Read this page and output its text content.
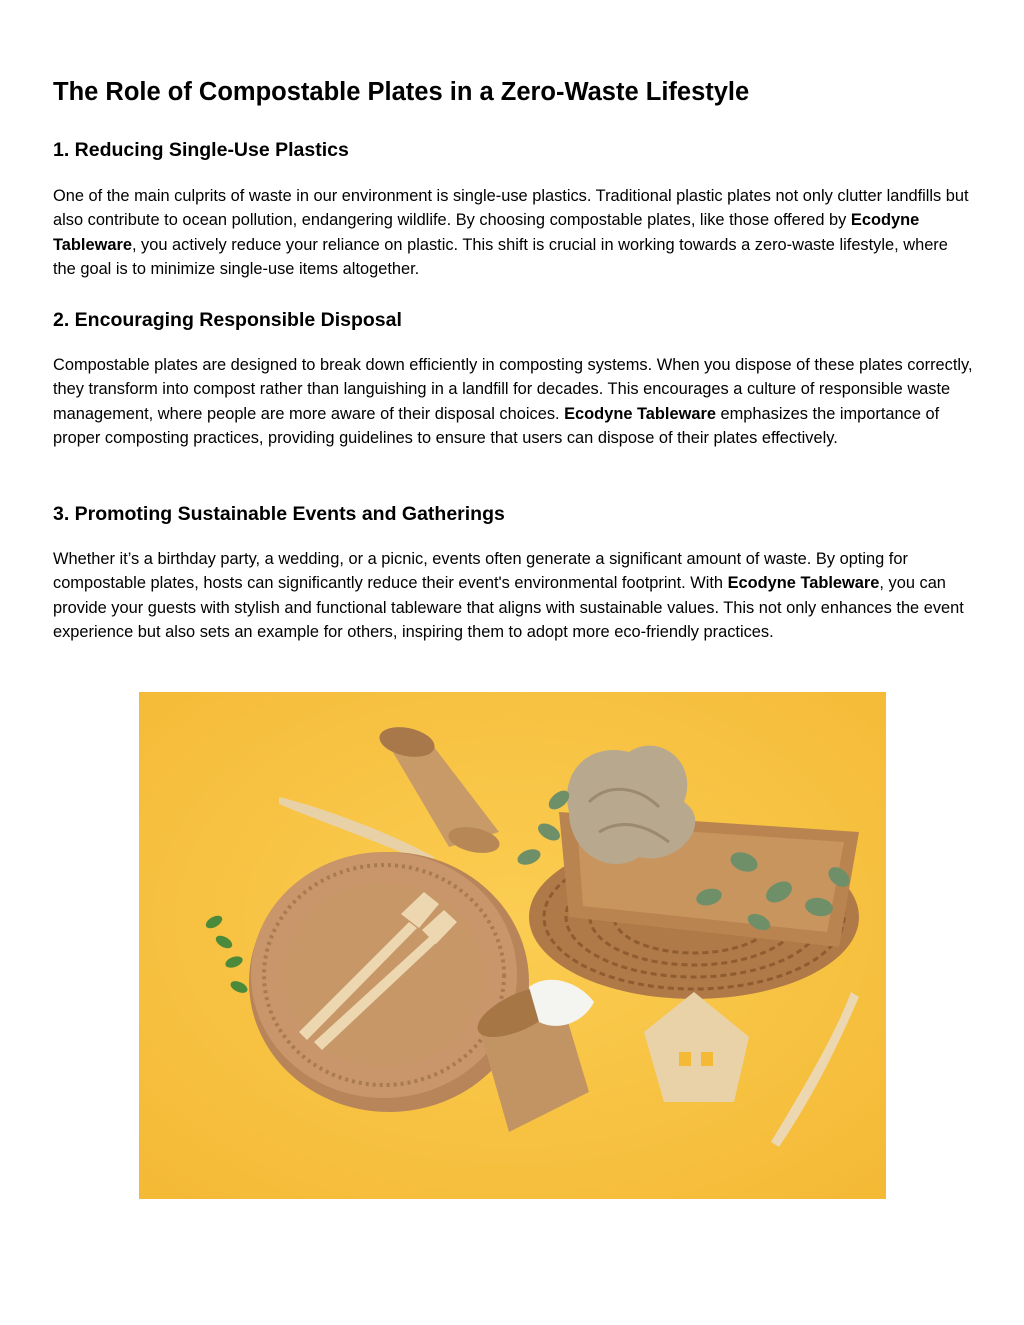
The Role of Compostable Plates in a Zero-Waste Lifestyle
1. Reducing Single-Use Plastics

One of the main culprits of waste in our environment is single-use plastics. Traditional plastic plates not only clutter landfills but also contribute to ocean pollution, endangering wildlife. By choosing compostable plates, like those offered by Ecodyne Tableware, you actively reduce your reliance on plastic. This shift is crucial in working towards a zero-waste lifestyle, where the goal is to minimize single-use items altogether.

2. Encouraging Responsible Disposal

Compostable plates are designed to break down efficiently in composting systems. When you dispose of these plates correctly, they transform into compost rather than languishing in a landfill for decades. This encourages a culture of responsible waste management, where people are more aware of their disposal choices. Ecodyne Tableware emphasizes the importance of proper composting practices, providing guidelines to ensure that users can dispose of their plates effectively.

3. Promoting Sustainable Events and Gatherings

Whether it’s a birthday party, a wedding, or a picnic, events often generate a significant amount of waste. By opting for compostable plates, hosts can significantly reduce their event's environmental footprint. With Ecodyne Tableware, you can provide your guests with stylish and functional tableware that aligns with sustainable values. This not only enhances the event experience but also sets an example for others, inspiring them to adopt more eco-friendly practices.
